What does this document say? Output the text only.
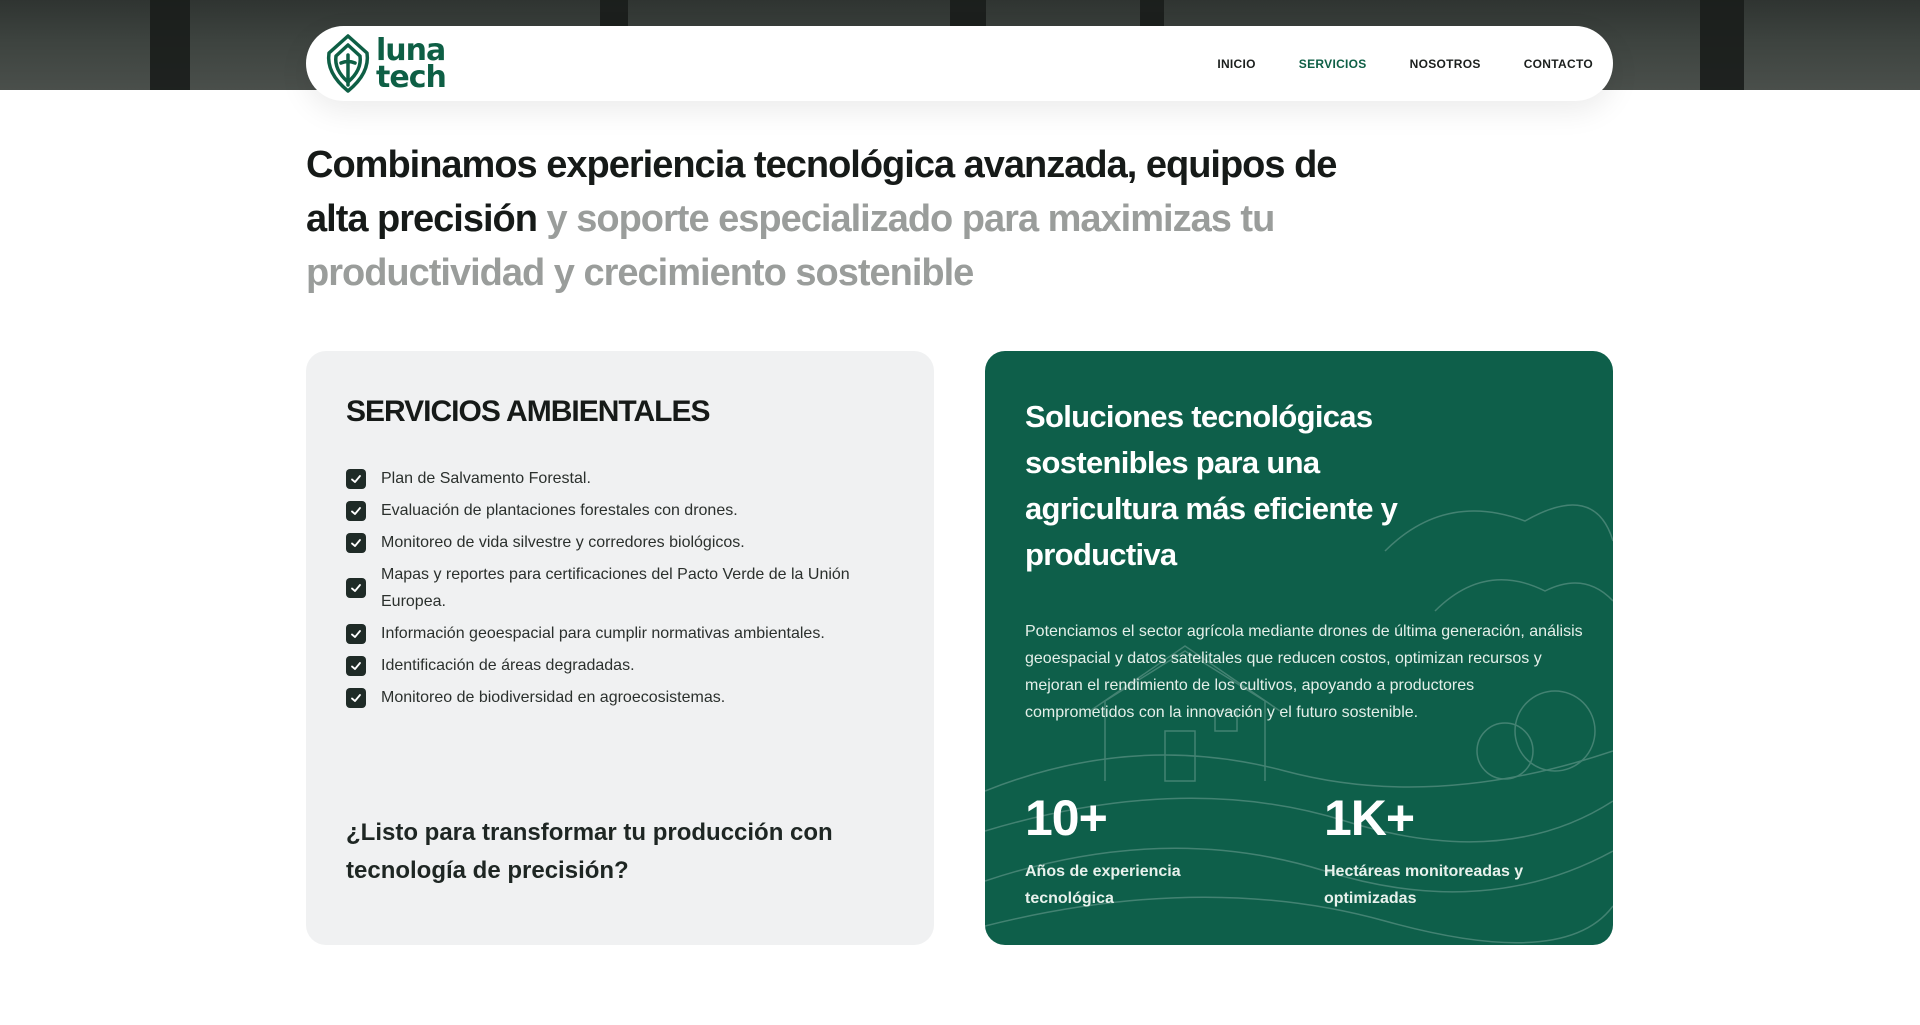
luna
tech	INICIO	SERVICIOS	NOSOTROS	CONTACTO
Combinamos experiencia tecnológica avanzada, equipos de alta precisión y soporte especializado para maximizas tu productividad y crecimiento sostenible
SERVICIOS AMBIENTALES
Plan de Salvamento Forestal.
Evaluación de plantaciones forestales con drones.
Monitoreo de vida silvestre y corredores biológicos.
Mapas y reportes para certificaciones del Pacto Verde de la Unión Europea.
Información geoespacial para cumplir normativas ambientales.
Identificación de áreas degradadas.
Monitoreo de biodiversidad en agroecosistemas.

¿Listo para transformar tu producción con tecnología de precisión?

Soluciones tecnológicas sostenibles para una agricultura más eficiente y productiva

Potenciamos el sector agrícola mediante drones de última generación, análisis geoespacial y datos satelitales que reducen costos, optimizan recursos y mejoran el rendimiento de los cultivos, apoyando a productores comprometidos con la innovación y el futuro sostenible.

10+
Años de experiencia tecnológica
1K+
Hectáreas monitoreadas y optimizadas
